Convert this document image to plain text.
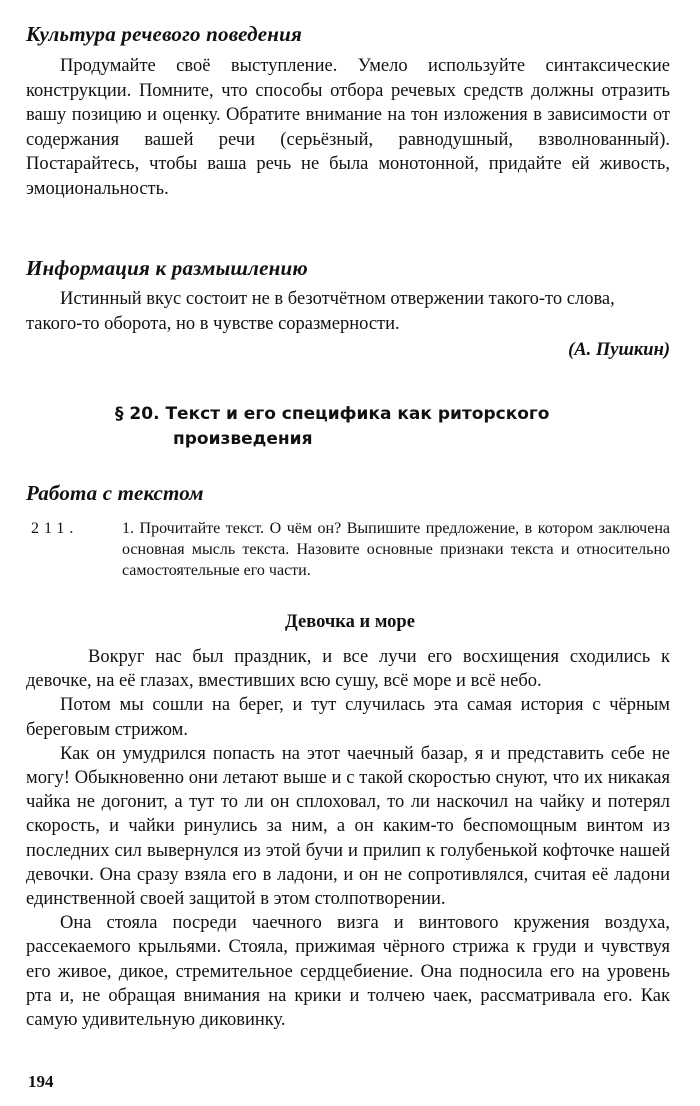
Культура речевого поведения

Продумайте своё выступление. Умело используйте синтаксические конструкции. Помните, что способы отбора речевых средств должны отразить вашу позицию и оценку. Обратите внимание на тон изложения в зависимости от содержания вашей речи (серьёзный, равнодушный, взволнованный). Постарайтесь, чтобы ваша речь не была монотонной, придайте ей живость, эмоциональность.

Информация к размышлению

Истинный вкус состоит не в безотчётном отвержении такого-то слова, такого-то оборота, но в чувстве соразмерности.

(А. Пушкин)
§ 20. Текст и его специфика как риторского
произведения
Работа с текстом
211.	1. Прочитайте текст. О чём он? Выпишите предложение, в котором заключена основная мысль текста. Назовите основные признаки текста и относительно самостоятельные его части.
Девочка и море

Вокруг нас был праздник, и все лучи его восхищения сходились к девочке, на её глазах, вместивших всю сушу, всё море и всё небо.

Потом мы сошли на берег, и тут случилась эта самая история с чёрным береговым стрижом.

Как он умудрился попасть на этот чаечный базар, я и представить себе не могу! Обыкновенно они летают выше и с такой скоростью снуют, что их никакая чайка не догонит, а тут то ли он сплоховал, то ли наскочил на чайку и потерял скорость, и чайки ринулись за ним, а он каким-то беспомощным винтом из последних сил вывернулся из этой бучи и прилип к голубенькой кофточке нашей девочки. Она сразу взяла его в ладони, и он не сопротивлялся, считая её ладони единственной своей защитой в этом столпотворении.

Она стояла посреди чаечного визга и винтового кружения воздуха, рассекаемого крыльями. Стояла, прижимая чёрного стрижа к груди и чувствуя его живое, дикое, стремительное сердцебиение. Она подносила его на уровень рта и, не обращая внимания на крики и толчею чаек, рассматривала его. Как самую удивительную диковинку.

194
